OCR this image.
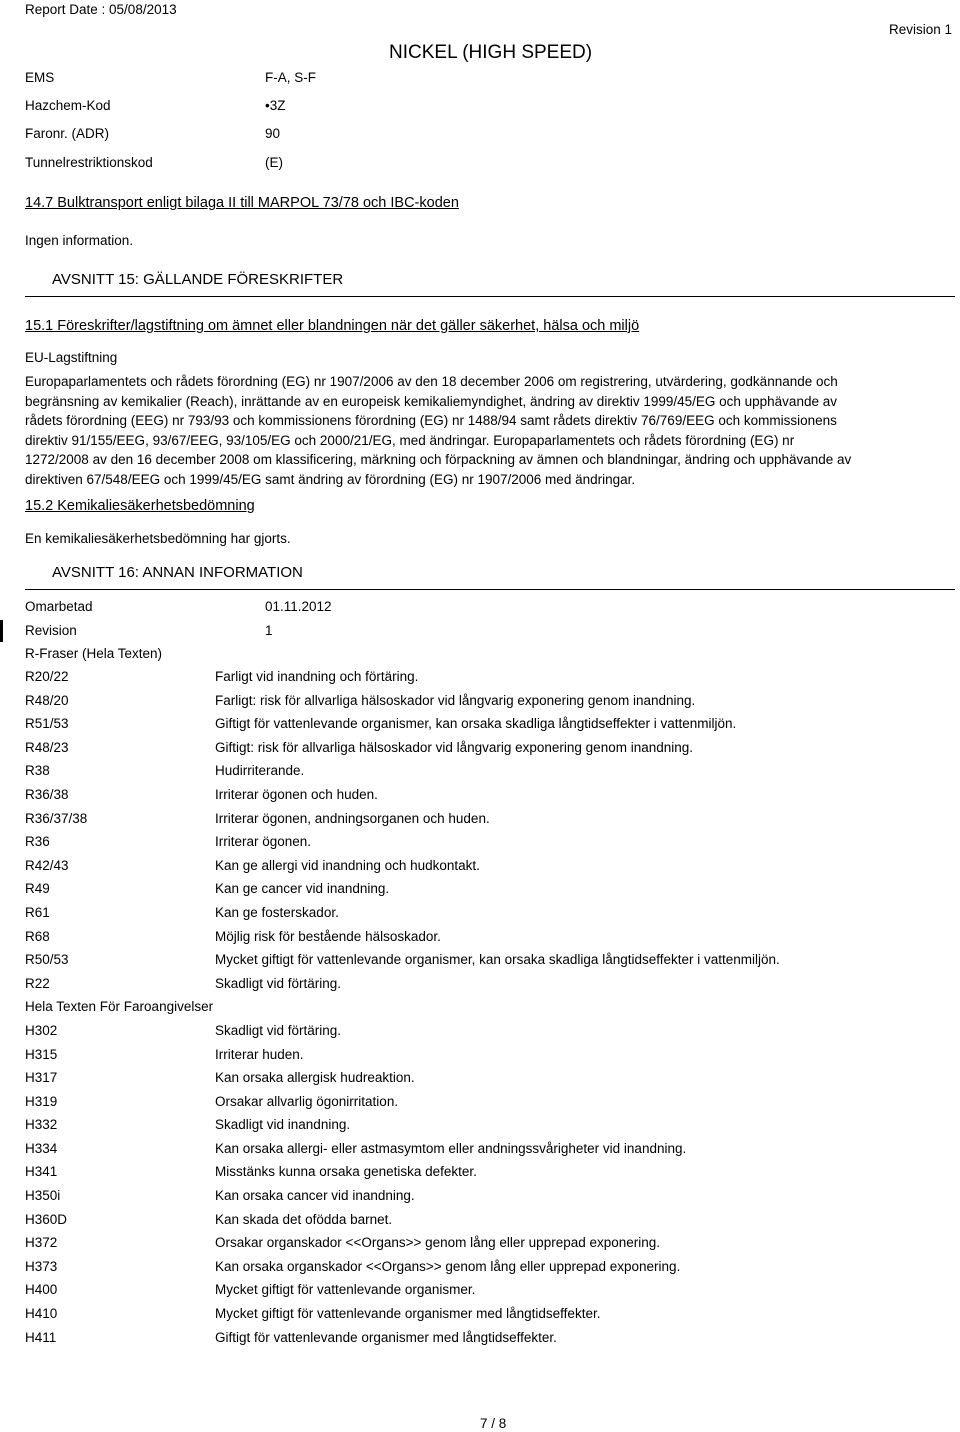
Report Date : 05/08/2013
Revision 1
NICKEL (HIGH SPEED)
EMS	F-A, S-F
Hazchem-Kod	•3Z
Faronr. (ADR)	90
Tunnelrestriktionskod	(E)
14.7 Bulktransport enligt bilaga II till MARPOL 73/78 och IBC-koden
Ingen information.
AVSNITT 15: GÄLLANDE FÖRESKRIFTER
15.1 Föreskrifter/lagstiftning om ämnet eller blandningen när det gäller säkerhet, hälsa och miljö
EU-Lagstiftning
Europaparlamentets och rådets förordning (EG) nr 1907/2006 av den 18 december 2006 om registrering, utvärdering, godkännande och
begränsning av kemikalier (Reach), inrättande av en europeisk kemikaliemyndighet, ändring av direktiv 1999/45/EG och upphävande av
rådets förordning (EEG) nr 793/93 och kommissionens förordning (EG) nr 1488/94 samt rådets direktiv 76/769/EEG och kommissionens
direktiv 91/155/EEG, 93/67/EEG, 93/105/EG och 2000/21/EG, med ändringar. Europaparlamentets och rådets förordning (EG) nr
1272/2008 av den 16 december 2008 om klassificering, märkning och förpackning av ämnen och blandningar, ändring och upphävande av
direktiven 67/548/EEG och 1999/45/EG samt ändring av förordning (EG) nr 1907/2006 med ändringar.
15.2 Kemikaliesäkerhetsbedömning
En kemikaliesäkerhetsbedömning har gjorts.
AVSNITT 16: ANNAN INFORMATION
Omarbetad	01.11.2012
Revision	1
R-Fraser (Hela Texten)
R20/22	Farligt vid inandning och förtäring.
R48/20	Farligt: risk för allvarliga hälsoskador vid långvarig exponering genom inandning.
R51/53	Giftigt för vattenlevande organismer, kan orsaka skadliga långtidseffekter i vattenmiljön.
R48/23	Giftigt: risk för allvarliga hälsoskador vid långvarig exponering genom inandning.
R38	Hudirriterande.
R36/38	Irriterar ögonen och huden.
R36/37/38	Irriterar ögonen, andningsorganen och huden.
R36	Irriterar ögonen.
R42/43	Kan ge allergi vid inandning och hudkontakt.
R49	Kan ge cancer vid inandning.
R61	Kan ge fosterskador.
R68	Möjlig risk för bestående hälsoskador.
R50/53	Mycket giftigt för vattenlevande organismer, kan orsaka skadliga långtidseffekter i vattenmiljön.
R22	Skadligt vid förtäring.
Hela Texten För Faroangivelser
H302	Skadligt vid förtäring.
H315	Irriterar huden.
H317	Kan orsaka allergisk hudreaktion.
H319	Orsakar allvarlig ögonirritation.
H332	Skadligt vid inandning.
H334	Kan orsaka allergi- eller astmasymtom eller andningssvårigheter vid inandning.
H341	Misstänks kunna orsaka genetiska defekter.
H350i	Kan orsaka cancer vid inandning.
H360D	Kan skada det ofödda barnet.
H372	Orsakar organskador <<Organs>> genom lång eller upprepad exponering.
H373	Kan orsaka organskador <<Organs>> genom lång eller upprepad exponering.
H400	Mycket giftigt för vattenlevande organismer.
H410	Mycket giftigt för vattenlevande organismer med långtidseffekter.
H411	Giftigt för vattenlevande organismer med långtidseffekter.
7 / 8
